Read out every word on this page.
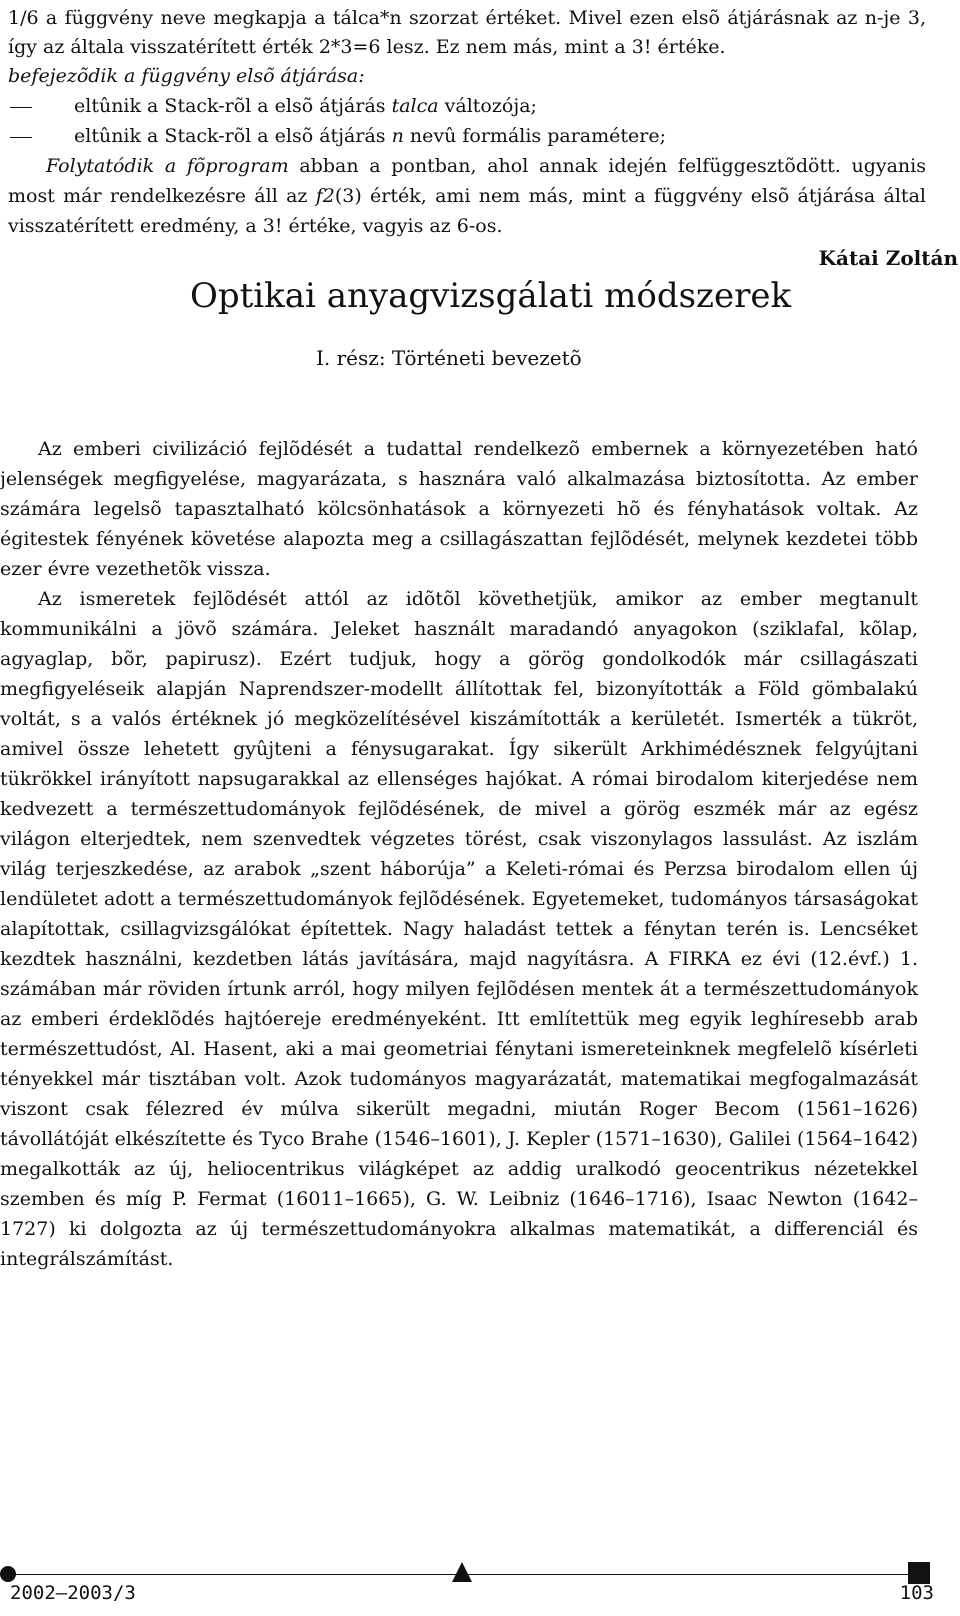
1/6 a függvény neve megkapja a tálca*n szorzat értéket. Mivel ezen elsõ átjárásnak az n-je 3, így az általa visszatérített érték 2*3=6 lesz. Ez nem más, mint a 3! értéke.

befejezõdik a függvény elsõ átjárása:

eltûnik a Stack-rõl a elsõ átjárás talca változója;

eltûnik a Stack-rõl a elsõ átjárás n nevû formális paramétere;

Folytatódik a fõprogram abban a pontban, ahol annak idején felfüggesztõdött. ugyanis most már rendelkezésre áll az f2(3) érték, ami nem más, mint a függvény elsõ átjárása által visszatérített eredmény, a 3! értéke, vagyis az 6-os.

Kátai Zoltán
Optikai anyagvizsgálati módszerek
I. rész: Történeti bevezetõ

Az emberi civilizáció fejlõdését a tudattal rendelkezõ embernek a környezetében ható jelenségek megfigyelése, magyarázata, s hasznára való alkalmazása biztosította. Az ember számára legelsõ tapasztalható kölcsönhatások a környezeti hõ és fényhatások voltak. Az égitestek fényének követése alapozta meg a csillagászattan fejlõdését, melynek kezdetei több ezer évre vezethetõk vissza.

Az ismeretek fejlõdését attól az idõtõl követhetjük, amikor az ember megtanult kommunikálni a jövõ számára. Jeleket használt maradandó anyagokon (sziklafal, kõlap, agyaglap, bõr, papirusz). Ezért tudjuk, hogy a görög gondolkodók már csillagászati megfigyeléseik alapján Naprendszer-modellt állítottak fel, bizonyították a Föld gömbalakú voltát, s a valós értéknek jó megközelítésével kiszámították a kerületét. Ismerték a tükröt, amivel össze lehetett gyûjteni a fénysugarakat. Így sikerült Arkhimédésznek felgyújtani tükrökkel irányított napsugarakkal az ellenséges hajókat. A római birodalom kiterjedése nem kedvezett a természettudományok fejlõdésének, de mivel a görög eszmék már az egész világon elterjedtek, nem szenvedtek végzetes törést, csak viszonylagos lassulást. Az iszlám világ terjeszkedése, az arabok „szent háborúja” a Keleti-római és Perzsa birodalom ellen új lendületet adott a természettudományok fejlõdésének. Egyetemeket, tudományos társaságokat alapítottak, csillagvizsgálókat építettek. Nagy haladást tettek a fénytan terén is. Lencséket kezdtek használni, kezdetben látás javítására, majd nagyításra. A FIRKA ez évi (12.évf.) 1. számában már röviden írtunk arról, hogy milyen fejlõdésen mentek át a természettudományok az emberi érdeklõdés hajtóereje eredményeként. Itt említettük meg egyik leghíresebb arab természettudóst, Al. Hasent, aki a mai geometriai fénytani ismereteinknek megfelelõ kísérleti tényekkel már tisztában volt. Azok tudományos magyarázatát, matematikai megfogalmazását viszont csak félezred év múlva sikerült megadni, miután Roger Becom (1561–1626) távollátóját elkészítette és Tyco Brahe (1546–1601), J. Kepler (1571–1630), Galilei (1564–1642) megalkották az új, heliocentrikus világképet az addig uralkodó geocentrikus nézetekkel szemben és míg P. Fermat (16011–1665), G. W. Leibniz (1646–1716), Isaac Newton (1642–1727) ki dolgozta az új természettudományokra alkalmas matematikát, a differenciál és integrálszámítást.

2002–2003/3	103
